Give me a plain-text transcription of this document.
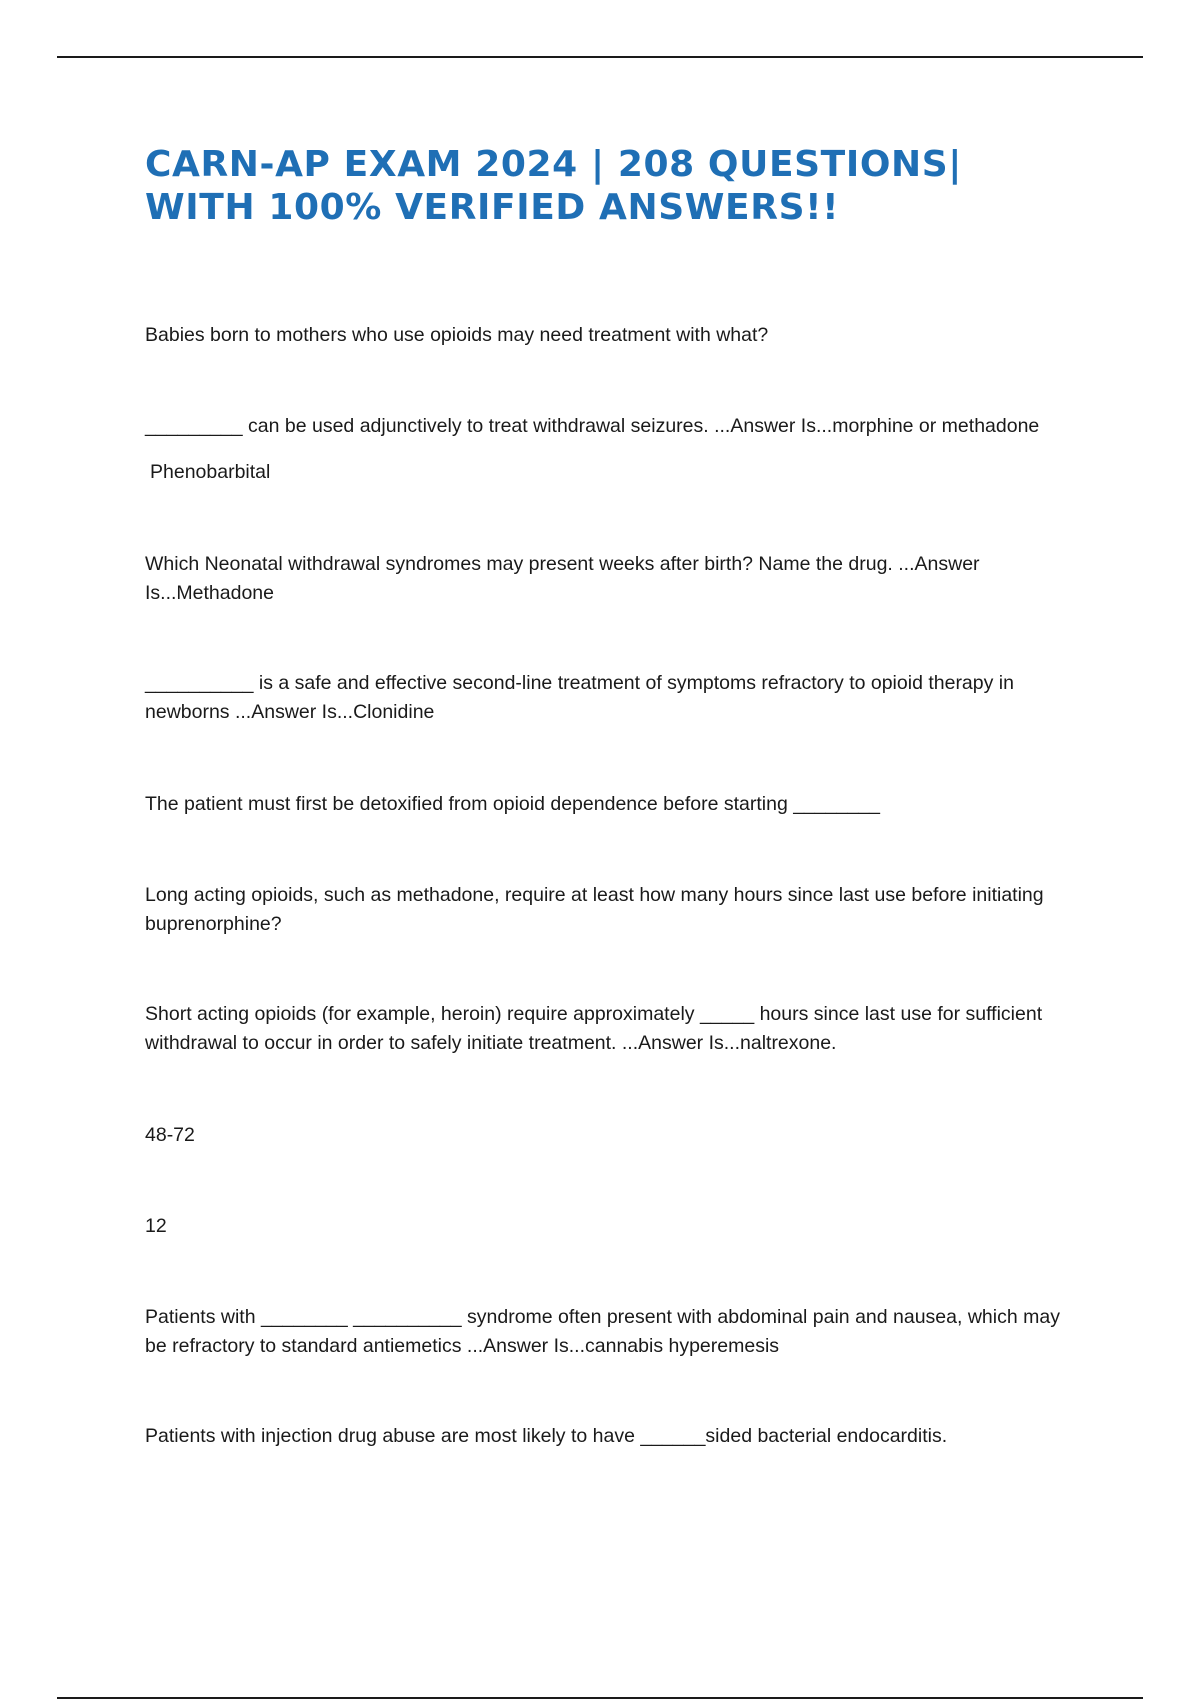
CARN-AP EXAM 2024 | 208 QUESTIONS|
WITH 100% VERIFIED ANSWERS!!

Babies born to mothers who use opioids may need treatment with what?

_________ can be used adjunctively to treat withdrawal seizures. ...Answer Is...morphine or methadone

Phenobarbital

Which Neonatal withdrawal syndromes may present weeks after birth? Name the drug. ...Answer Is...Methadone

__________ is a safe and effective second-line treatment of symptoms refractory to opioid therapy in newborns ...Answer Is...Clonidine

The patient must first be detoxified from opioid dependence before starting ________

Long acting opioids, such as methadone, require at least how many hours since last use before initiating buprenorphine?

Short acting opioids (for example, heroin) require approximately _____ hours since last use for sufficient withdrawal to occur in order to safely initiate treatment. ...Answer Is...naltrexone.

48-72

12

Patients with ________ __________ syndrome often present with abdominal pain and nausea, which may be refractory to standard antiemetics ...Answer Is...cannabis hyperemesis

Patients with injection drug abuse are most likely to have ______sided bacterial endocarditis.
